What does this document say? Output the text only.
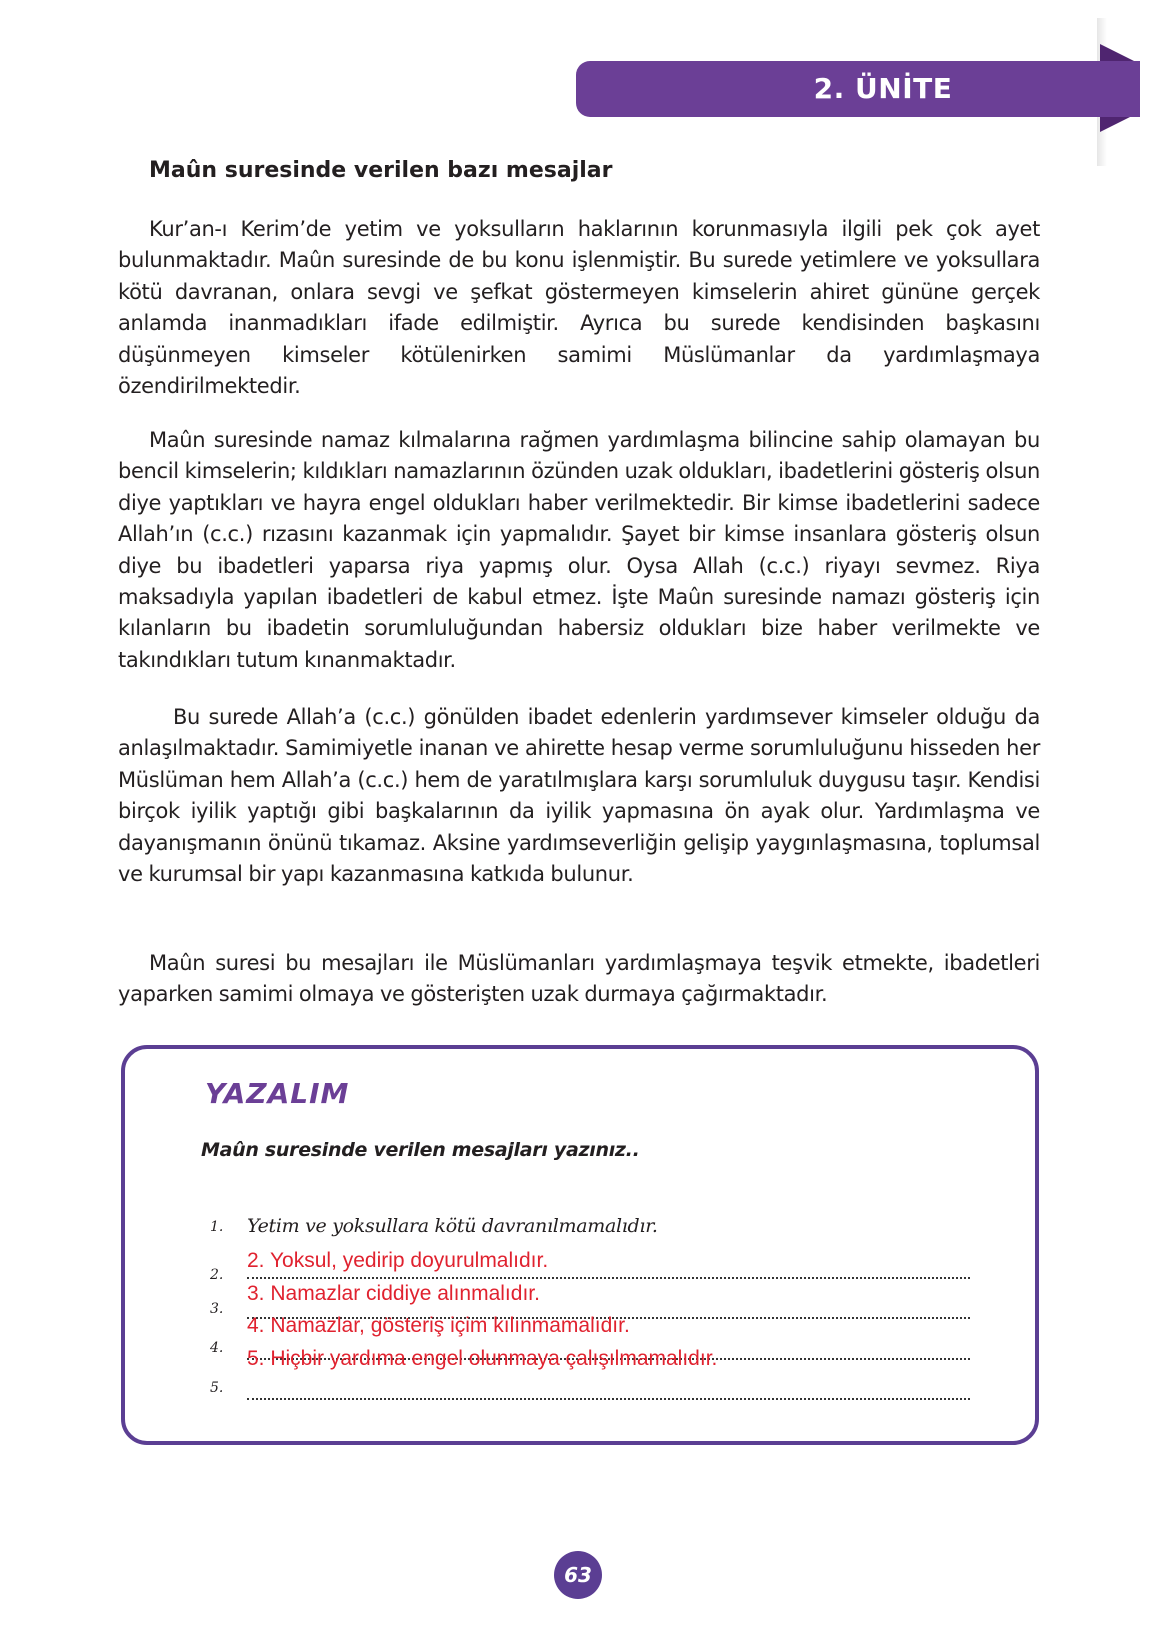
2. ÜNİTE
Maûn suresinde verilen bazı mesajlar

Kur’an-ı Kerim’de yetim ve yoksulların haklarının korunmasıyla ilgili pek çok ayet bulunmaktadır. Maûn suresinde de bu konu işlenmiştir. Bu surede yetimlere ve yoksullara kötü davranan, onlara sevgi ve şefkat göstermeyen kimselerin ahiret gününe gerçek anlamda inanmadıkları ifade edilmiştir. Ayrıca bu surede kendisinden başkasını düşünmeyen kimseler kötülenirken samimi Müslümanlar da yardımlaşmaya özendirilmektedir.

Maûn suresinde namaz kılmalarına rağmen yardımlaşma bilincine sahip olamayan bu bencil kimselerin; kıldıkları namazlarının özünden uzak oldukları, ibadetlerini gösteriş olsun diye yaptıkları ve hayra engel oldukları haber verilmektedir. Bir kimse ibadetlerini sadece Allah’ın (c.c.) rızasını kazanmak için yapmalıdır. Şayet bir kimse insanlara gösteriş olsun diye bu ibadetleri yaparsa riya yapmış olur. Oysa Allah (c.c.) riyayı sevmez. Riya maksadıyla yapılan ibadetleri de kabul etmez. İşte Maûn suresinde namazı gösteriş için kılanların bu ibadetin sorumluluğundan habersiz oldukları bize haber verilmekte ve takındıkları tutum kınanmaktadır.

Bu surede Allah’a (c.c.) gönülden ibadet edenlerin yardımsever kimseler olduğu da anlaşılmaktadır. Samimiyetle inanan ve ahirette hesap verme sorumluluğunu hisseden her Müslüman hem Allah’a (c.c.) hem de yaratılmışlara karşı sorumluluk duygusu taşır. Kendisi birçok iyilik yaptığı gibi başkalarının da iyilik yapmasına ön ayak olur. Yardımlaşma ve dayanışmanın önünü tıkamaz. Aksine yardımseverliğin gelişip yaygınlaşmasına, toplumsal ve kurumsal bir yapı kazanmasına katkıda bulunur.

Maûn suresi bu mesajları ile Müslümanları yardımlaşmaya teşvik etmekte, ibadetleri yaparken samimi olmaya ve gösterişten uzak durmaya çağırmaktadır.

YAZALIM

Maûn suresinde verilen mesajları yazınız..

1. Yetim ve yoksullara kötü davranılmamalıdır.
2.
3.
4.
5.
2. Yoksul, yedirip doyurulmalıdır.
3. Namazlar ciddiye alınmalıdır.
4. Namazlar, gösteriş içim kılınmamalıdır.
5. Hiçbir yardıma engel olunmaya çalışılmamalıdır.
63
